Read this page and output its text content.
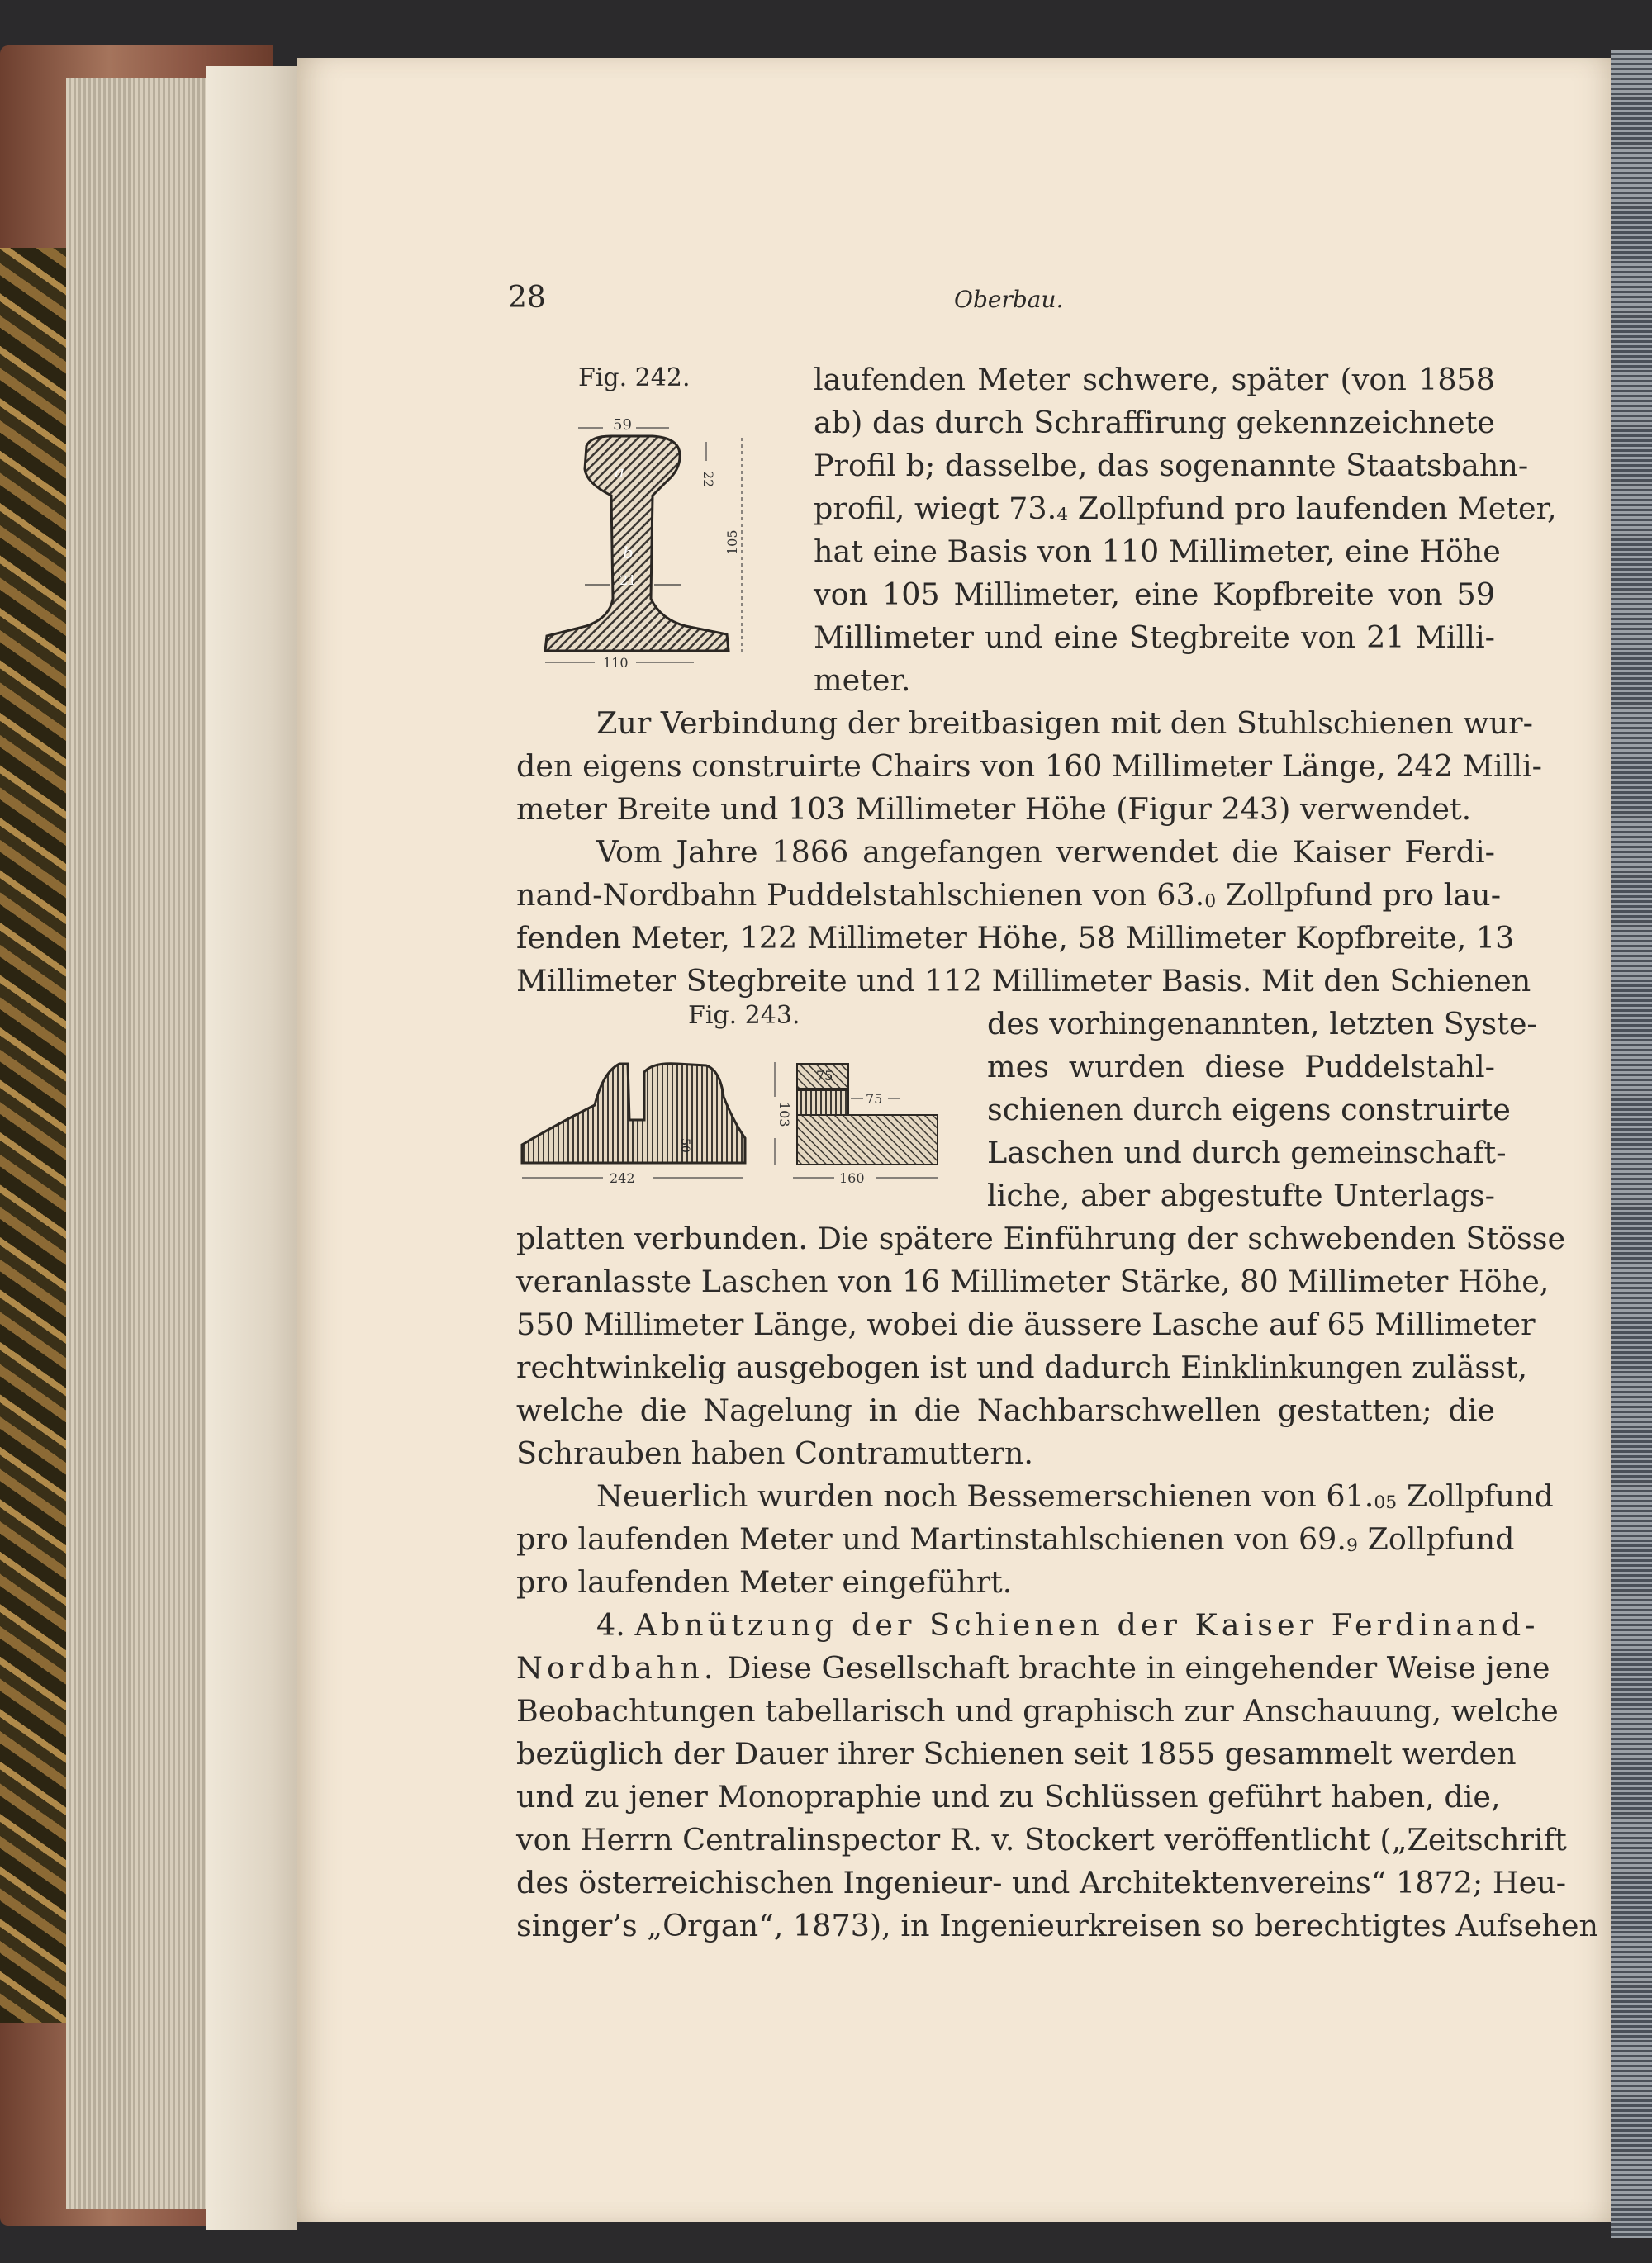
28	Oberbau.
Fig. 242.
59
a
b
21
22
105
110
Fig. 243.
50
242
75
75
103
160
laufenden Meter schwere, später (von 1858
ab) das durch Schraffirung gekennzeichnete
Profil b; dasselbe, das sogenannte Staatsbahn-
profil, wiegt $73._4$ Zollpfund pro laufenden Meter,
hat eine Basis von 110 Millimeter, eine Höhe
von 105 Millimeter, eine Kopfbreite von 59
Millimeter und eine Stegbreite von 21 Milli-
meter.
Zur Verbindung der breitbasigen mit den Stuhlschienen wur-
den eigens construirte Chairs von 160 Millimeter Länge, 242 Milli-
meter Breite und 103 Millimeter Höhe (Figur 243) verwendet.
Vom Jahre 1866 angefangen verwendet die Kaiser Ferdi-
nand-Nordbahn Puddelstahlschienen von $63._0$ Zollpfund pro lau-
fenden Meter, 122 Millimeter Höhe, 58 Millimeter Kopfbreite, 13
Millimeter Stegbreite und 112 Millimeter Basis. Mit den Schienen
des vorhingenannten, letzten Syste-
mes wurden diese Puddelstahl-
schienen durch eigens construirte
Laschen und durch gemeinschaft-
liche, aber abgestufte Unterlags-
platten verbunden. Die spätere Einführung der schwebenden Stösse
veranlasste Laschen von 16 Millimeter Stärke, 80 Millimeter Höhe,
550 Millimeter Länge, wobei die äussere Lasche auf 65 Millimeter
rechtwinkelig ausgebogen ist und dadurch Einklinkungen zulässt,
welche die Nagelung in die Nachbarschwellen gestatten; die
Schrauben haben Contramuttern.
Neuerlich wurden noch Bessemerschienen von $61._{05}$ Zollpfund
pro laufenden Meter und Martinstahlschienen von $69._9$ Zollpfund
pro laufenden Meter eingeführt.
4. Abnützung der Schienen der Kaiser Ferdinand-
Nordbahn. Diese Gesellschaft brachte in eingehender Weise jene
Beobachtungen tabellarisch und graphisch zur Anschauung, welche
bezüglich der Dauer ihrer Schienen seit 1855 gesammelt werden
und zu jener Monopraphie und zu Schlüssen geführt haben, die,
von Herrn Centralinspector R. v. Stockert veröffentlicht („Zeitschrift
des österreichischen Ingenieur- und Architektenvereins“ 1872; Heu-
singer’s „Organ“, 1873), in Ingenieurkreisen so berechtigtes Aufsehen
